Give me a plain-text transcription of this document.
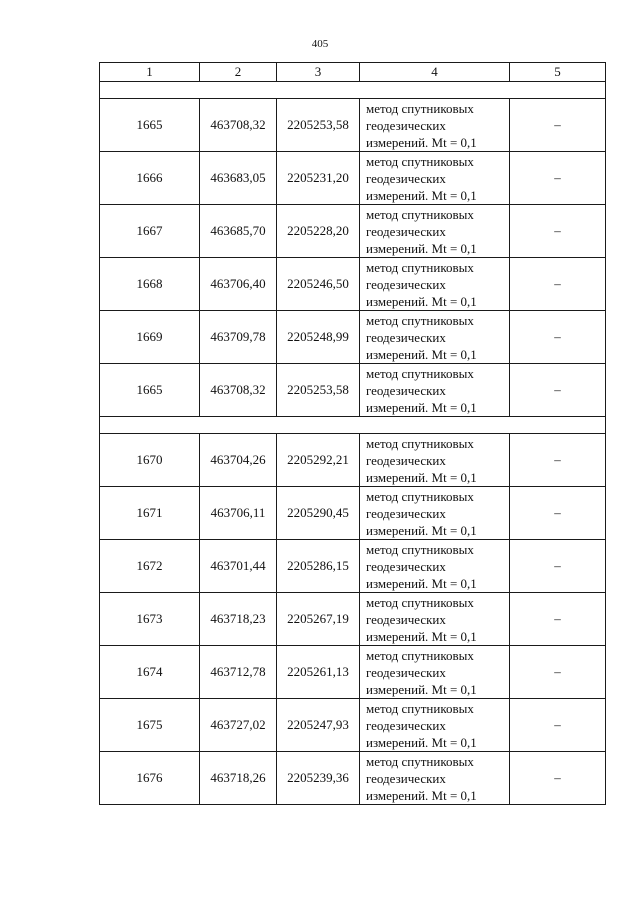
405
1	2	3	4	5

1665	463708,32	2205253,58	метод спутниковых
геодезических
измерений. Mt = 0,1	–
1666	463683,05	2205231,20	метод спутниковых
геодезических
измерений. Mt = 0,1	–
1667	463685,70	2205228,20	метод спутниковых
геодезических
измерений. Mt = 0,1	–
1668	463706,40	2205246,50	метод спутниковых
геодезических
измерений. Mt = 0,1	–
1669	463709,78	2205248,99	метод спутниковых
геодезических
измерений. Mt = 0,1	–
1665	463708,32	2205253,58	метод спутниковых
геодезических
измерений. Mt = 0,1	–

1670	463704,26	2205292,21	метод спутниковых
геодезических
измерений. Mt = 0,1	–
1671	463706,11	2205290,45	метод спутниковых
геодезических
измерений. Mt = 0,1	–
1672	463701,44	2205286,15	метод спутниковых
геодезических
измерений. Mt = 0,1	–
1673	463718,23	2205267,19	метод спутниковых
геодезических
измерений. Mt = 0,1	–
1674	463712,78	2205261,13	метод спутниковых
геодезических
измерений. Mt = 0,1	–
1675	463727,02	2205247,93	метод спутниковых
геодезических
измерений. Mt = 0,1	–
1676	463718,26	2205239,36	метод спутниковых
геодезических
измерений. Mt = 0,1	–
